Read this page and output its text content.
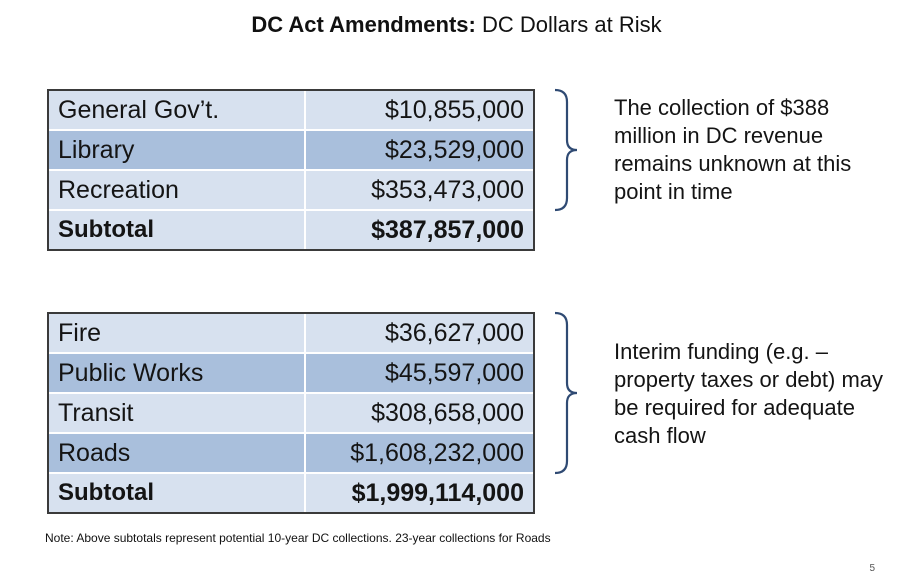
DC Act Amendments: DC Dollars at Risk
General Gov’t.	$10,855,000
Library	$23,529,000
Recreation	$353,473,000
Subtotal	$387,857,000
The collection of $388 million in DC revenue remains unknown at this point in time
Fire	$36,627,000
Public Works	$45,597,000
Transit	$308,658,000
Roads	$1,608,232,000
Subtotal	$1,999,114,000
Interim funding (e.g. – property taxes or debt) may be required for adequate cash flow
Note: Above subtotals represent potential 10-year DC collections. 23-year collections for Roads
5
